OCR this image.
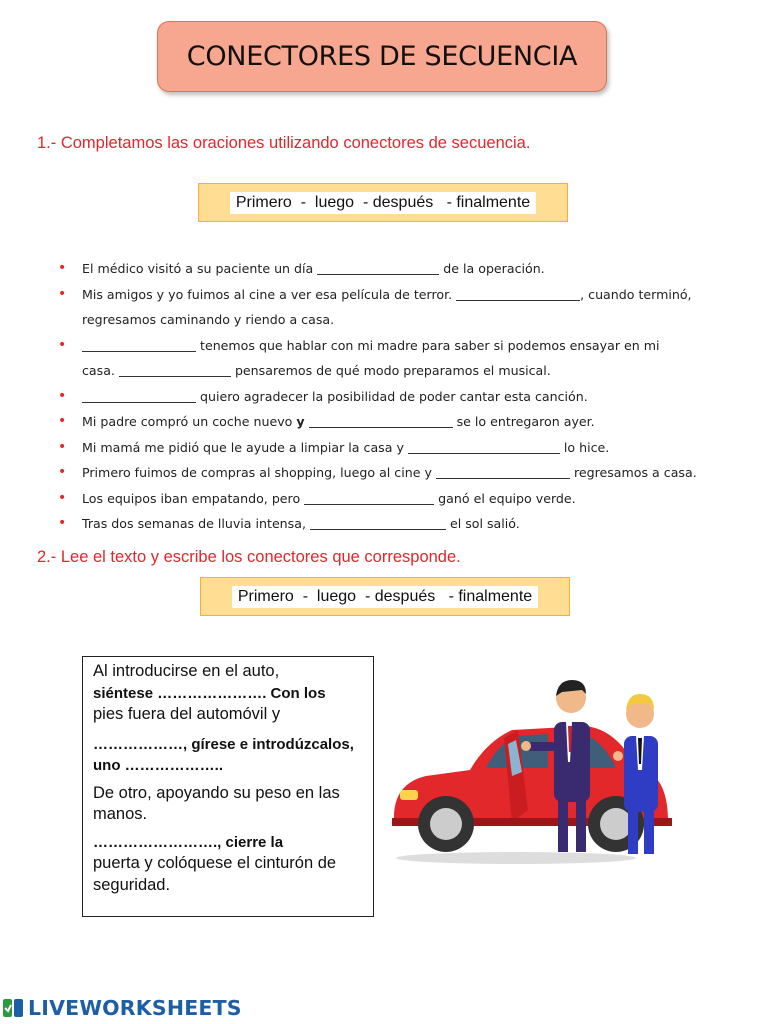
CONECTORES DE SECUENCIA
1.- Completamos las oraciones utilizando conectores de secuencia.
Primero  -  luego  - después   - finalmente
• El médico visitó a su paciente un día	de la operación.
• Mis amigos y yo fuimos al cine a ver esa película de terror.	, cuando terminó,
regresamos caminando y riendo a casa.
• tenemos que hablar con mi madre para saber si podemos ensayar en mi
casa.	pensaremos de qué modo preparamos el musical.
• quiero agradecer la posibilidad de poder cantar esta canción.
• Mi padre compró un coche nuevo y	se lo entregaron ayer.
• Mi mamá me pidió que le ayude a limpiar la casa y	lo hice.
• Primero fuimos de compras al shopping, luego al cine y	regresamos a casa.
• Los equipos iban empatando, pero	ganó el equipo verde.
• Tras dos semanas de lluvia intensa,	el sol salió.
2.- Lee el texto y escribe los conectores que corresponde.
Primero  -  luego  - después   - finalmente

Al introducirse en el auto,
siéntese …………………. Con los
pies fuera del automóvil y

………………, gírese e introdúzcalos, uno ………………..

De otro, apoyando su peso en las manos.

……………………., cierre la
puerta y colóquese el cinturón de seguridad.

LIVEWORKSHEETS
